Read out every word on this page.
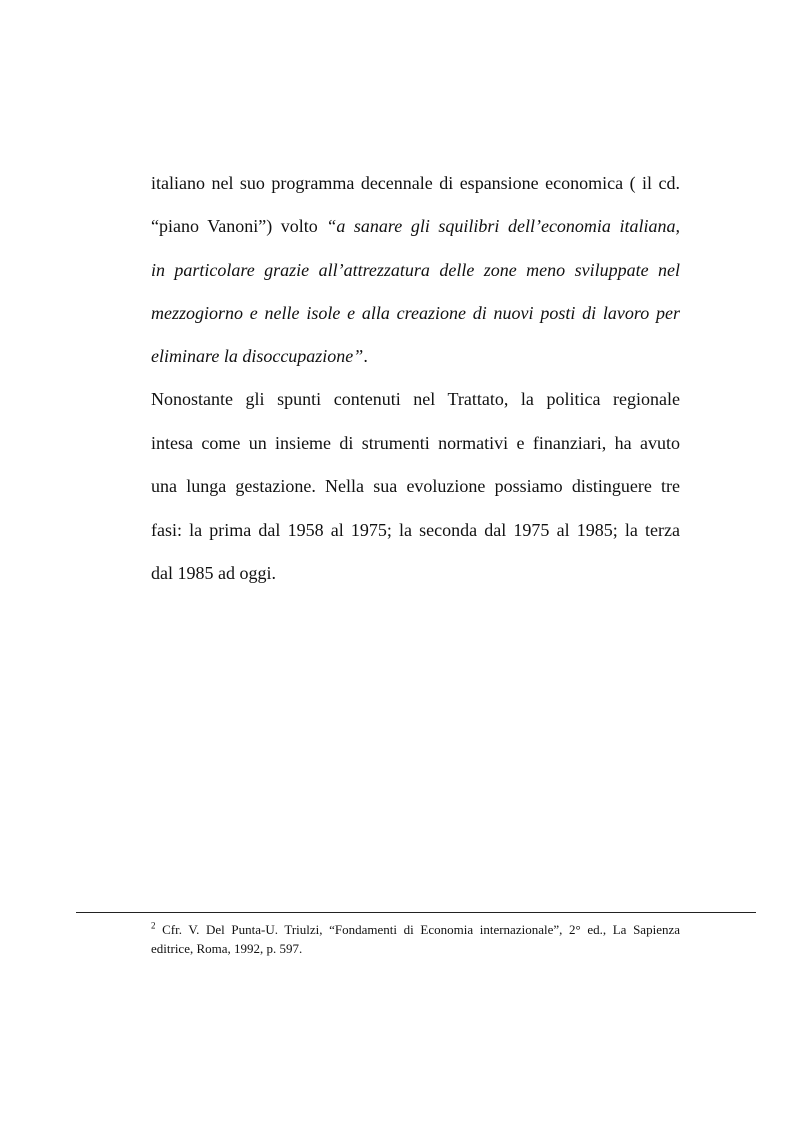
italiano nel suo programma decennale di espansione economica ( il cd.
“piano Vanoni”) volto “a sanare gli squilibri dell’economia italiana,
in particolare grazie all’attrezzatura delle zone meno sviluppate nel
mezzogiorno e nelle isole e alla creazione di nuovi posti di lavoro per
eliminare la disoccupazione”.
Nonostante gli spunti contenuti nel Trattato, la politica regionale
intesa come un insieme di strumenti normativi e finanziari, ha avuto
una lunga gestazione. Nella sua evoluzione possiamo distinguere tre
fasi: la prima dal 1958 al 1975; la seconda dal 1975 al 1985; la terza
dal 1985 ad oggi.
$^2$ Cfr. V. Del Punta-U. Triulzi, “Fondamenti di Economia internazionale”, 2° ed., La Sapienza
editrice, Roma, 1992, p. 597.
